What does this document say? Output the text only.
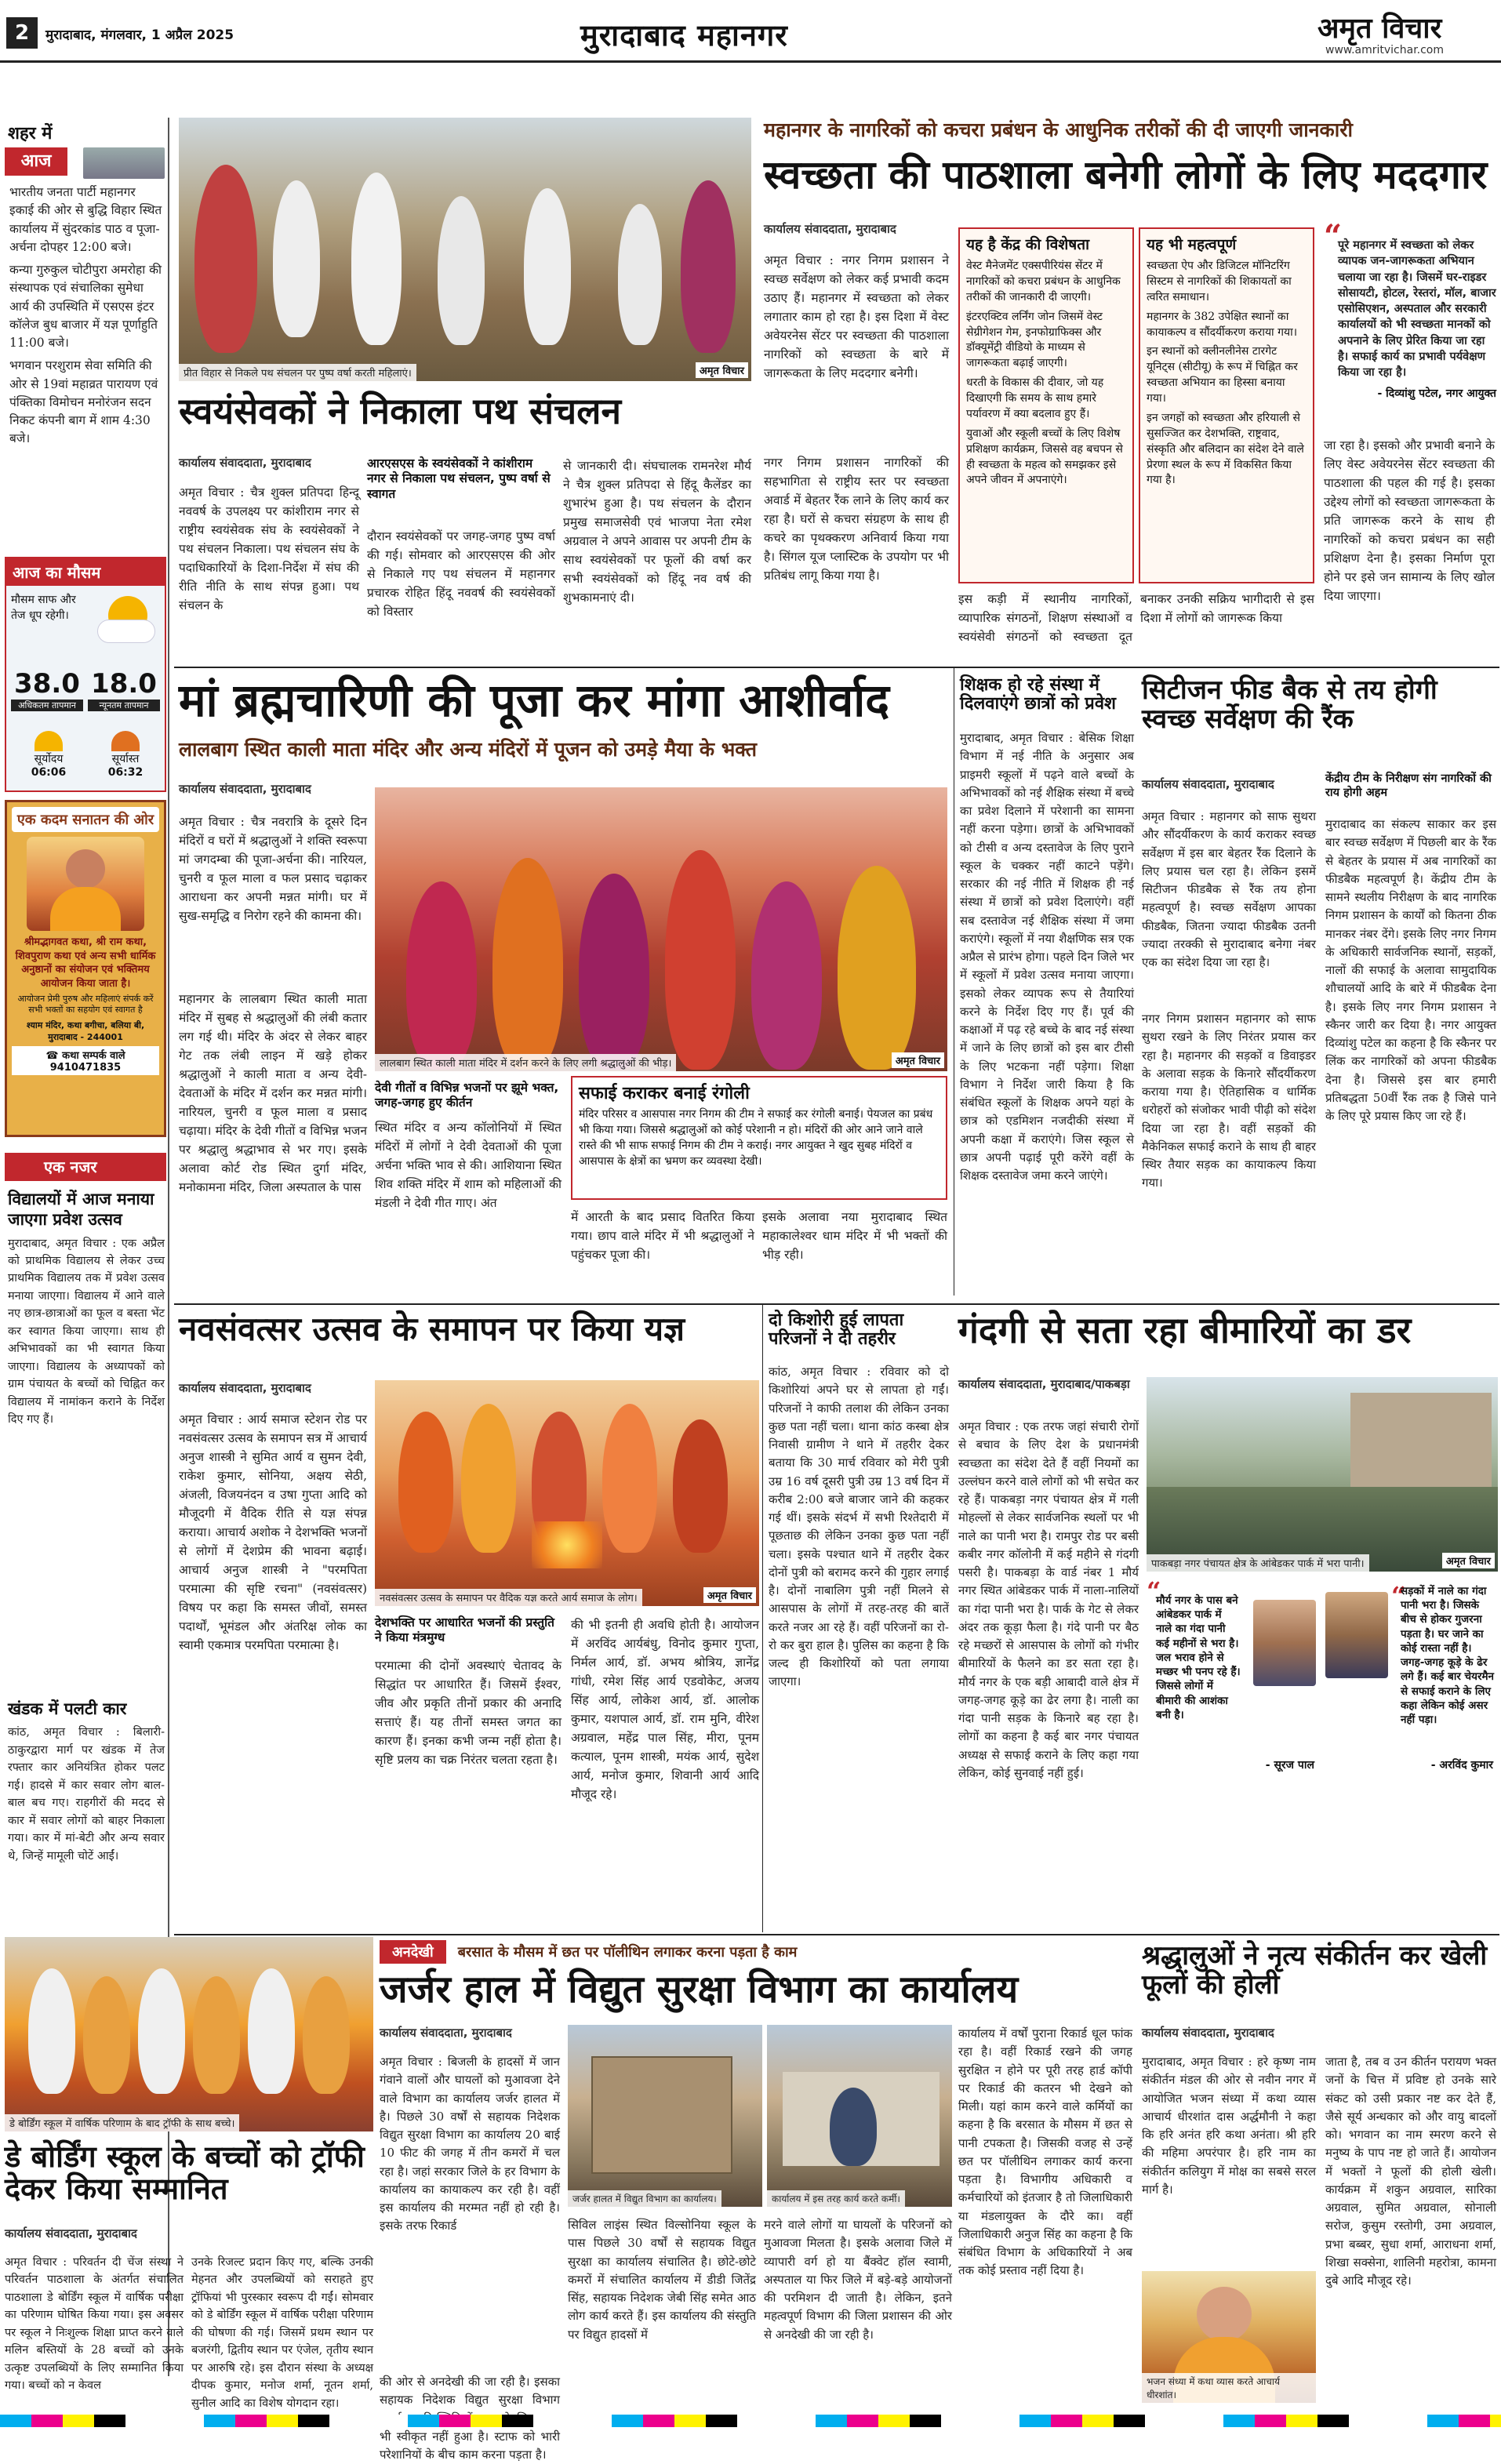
2	मुरादाबाद, मंगलवार, 1 अप्रैल 2025	मुरादाबाद महानगर	अमृत विचार
www.amritvichar.com
शहर में
आज
भारतीय जनता पार्टी महानगर इकाई की ओर से बुद्धि विहार स्थित कार्यालय में सुंदरकांड पाठ व पूजा-अर्चना दोपहर 12:00 बजे।
कन्या गुरुकुल चोटीपुरा अमरोहा की संस्थापक एवं संचालिका सुमेधा आर्य की उपस्थिति में एसएस इंटर कॉलेज बुध बाजार में यज्ञ पूर्णाहुति 11:00 बजे।
भगवान परशुराम सेवा समिति की ओर से 19वां महाव्रत पारायण एवं पंक्तिका विमोचन मनोरंजन सदन निकट कंपनी बाग में शाम 4:30 बजे।
आज का मौसम
मौसम साफ और तेज धूप रहेगी।
38.0
अधिकतम तापमान
18.0
न्यूनतम तापमान
सूर्योदय
06:06
सूर्यास्त
06:32
एक कदम सनातन की ओर
श्रीमद्भागवत कथा, श्री राम कथा, शिवपुराण कथा एवं अन्य सभी धार्मिक अनुष्ठानों का संयोजन एवं भक्तिमय आयोजन किया जाता है।
आयोजन प्रेमी पुरुष और महिलाएं संपर्क करें सभी भक्तों का सहयोग एवं स्वागत है
श्याम मंदिर, कथा बगीचा, बलिया बी, मुरादाबाद - 244001
☎ कथा सम्पर्क वाले 9410471835
एक नजर
विद्यालयों में आज मनाया जाएगा प्रवेश उत्सव
मुरादाबाद, अमृत विचार : एक अप्रैल को प्राथमिक विद्यालय से लेकर उच्च प्राथमिक विद्यालय तक में प्रवेश उत्सव मनाया जाएगा। विद्यालय में आने वाले नए छात्र-छात्राओं का फूल व बस्ता भेंट कर स्वागत किया जाएगा। साथ ही अभिभावकों का भी स्वागत किया जाएगा। विद्यालय के अध्यापकों को ग्राम पंचायत के बच्चों को चिह्नित कर विद्यालय में नामांकन कराने के निर्देश दिए गए हैं।
खंडक में पलटी कार
कांठ, अमृत विचार : बिलारी-ठाकुरद्वारा मार्ग पर खंडक में तेज रफ्तार कार अनियंत्रित होकर पलट गई। हादसे में कार सवार लोग बाल-बाल बच गए। राहगीरों की मदद से कार में सवार लोगों को बाहर निकाला गया। कार में मां-बेटी और अन्य सवार थे, जिन्हें मामूली चोटें आईं।
प्रीत विहार से निकले पथ संचलन पर पुष्प वर्षा करती महिलाएं।	अमृत विचार
महानगर के नागरिकों को कचरा प्रबंधन के आधुनिक तरीकों की दी जाएगी जानकारी
स्वच्छता की पाठशाला बनेगी लोगों के लिए मददगार
कार्यालय संवाददाता, मुरादाबाद
अमृत विचार : नगर निगम प्रशासन ने स्वच्छ सर्वेक्षण को लेकर कई प्रभावी कदम उठाए हैं। महानगर में स्वच्छता को लेकर लगातार काम हो रहा है। इस दिशा में वेस्ट अवेयरनेस सेंटर पर स्वच्छता की पाठशाला नागरिकों को स्वच्छता के बारे में जागरूकता के लिए मददगार बनेगी।
नगर निगम प्रशासन नागरिकों की सहभागिता से राष्ट्रीय स्तर पर स्वच्छता अवार्ड में बेहतर रैंक लाने के लिए कार्य कर रहा है। घरों से कचरा संग्रहण के साथ ही कचरे का पृथक्करण अनिवार्य किया गया है। सिंगल यूज प्लास्टिक के उपयोग पर भी प्रतिबंध लागू किया गया है।
यह है केंद्र की विशेषता
वेस्ट मैनेजमेंट एक्सपीरियंस सेंटर में नागरिकों को कचरा प्रबंधन के आधुनिक तरीकों की जानकारी दी जाएगी।
इंटरएक्टिव लर्निंग जोन जिसमें वेस्ट सेग्रीगेशन गेम, इनफोग्राफिक्स और डॉक्यूमेंट्री वीडियो के माध्यम से जागरूकता बढ़ाई जाएगी।
धरती के विकास की दीवार, जो यह दिखाएगी कि समय के साथ हमारे पर्यावरण में क्या बदलाव हुए हैं।
युवाओं और स्कूली बच्चों के लिए विशेष प्रशिक्षण कार्यक्रम, जिससे वह बचपन से ही स्वच्छता के महत्व को समझकर इसे अपने जीवन में अपनाएंगे।
यह भी महत्वपूर्ण
स्वच्छता ऐप और डिजिटल मॉनिटरिंग सिस्टम से नागरिकों की शिकायतों का त्वरित समाधान।
महानगर के 382 उपेक्षित स्थानों का कायाकल्प व सौंदर्यीकरण कराया गया।
इन स्थानों को क्लीनलीनेस टारगेट यूनिट्स (सीटीयू) के रूप में चिह्नित कर स्वच्छता अभियान का हिस्सा बनाया गया।
इन जगहों को स्वच्छता और हरियाली से सुसज्जित कर देशभक्ति, राष्ट्रवाद, संस्कृति और बलिदान का संदेश देने वाले प्रेरणा स्थल के रूप में विकसित किया गया है।
इस कड़ी में स्थानीय नागरिकों, व्यापारिक संगठनों, शिक्षण संस्थाओं व स्वयंसेवी संगठनों को स्वच्छता दूत बनाकर उनकी सक्रिय भागीदारी से इस दिशा में लोगों को जागरूक किया
“
पूरे महानगर में स्वच्छता को लेकर व्यापक जन-जागरूकता अभियान चलाया जा रहा है। जिसमें घर-राइडर सोसायटी, होटल, रेस्तरां, मॉल, बाजार एसोसिएशन, अस्पताल और सरकारी कार्यालयों को भी स्वच्छता मानकों को अपनाने के लिए प्रेरित किया जा रहा है। सफाई कार्य का प्रभावी पर्यवेक्षण किया जा रहा है।
- दिव्यांशु पटेल, नगर आयुक्त
जा रहा है। इसको और प्रभावी बनाने के लिए वेस्ट अवेयरनेस सेंटर स्वच्छता की पाठशाला की पहल की गई है। इसका उद्देश्य लोगों को स्वच्छता जागरूकता के प्रति जागरूक करने के साथ ही नागरिकों को कचरा प्रबंधन का सही प्रशिक्षण देना है। इसका निर्माण पूरा होने पर इसे जन सामान्य के लिए खोल दिया जाएगा।
स्वयंसेवकों ने निकाला पथ संचलन
कार्यालय संवाददाता, मुरादाबाद
अमृत विचार : चैत्र शुक्ल प्रतिपदा हिन्दू नववर्ष के उपलक्ष्य पर कांशीराम नगर से राष्ट्रीय स्वयंसेवक संघ के स्वयंसेवकों ने पथ संचलन निकाला। पथ संचलन संघ के पदाधिकारियों के दिशा-निर्देश में संघ की रीति नीति के साथ संपन्न हुआ। पथ संचलन के
आरएसएस के स्वयंसेवकों ने कांशीराम नगर से निकाला पथ संचलन, पुष्प वर्षा से स्वागत
दौरान स्वयंसेवकों पर जगह-जगह पुष्प वर्षा की गई। सोमवार को आरएसएस की ओर से निकाले गए पथ संचलन में महानगर प्रचारक रोहित हिंदू नववर्ष की स्वयंसेवकों को विस्तार
से जानकारी दी। संघचालक रामनरेश मौर्य ने चैत्र शुक्ल प्रतिपदा से हिंदू कैलेंडर का शुभारंभ हुआ है। पथ संचलन के दौरान प्रमुख समाजसेवी एवं भाजपा नेता रमेश अग्रवाल ने अपने आवास पर अपनी टीम के साथ स्वयंसेवकों पर फूलों की वर्षा कर सभी स्वयंसेवकों को हिंदू नव वर्ष की शुभकामनाएं दी।
मां ब्रह्मचारिणी की पूजा कर मांगा आशीर्वाद
लालबाग स्थित काली माता मंदिर और अन्य मंदिरों में पूजन को उमड़े मैया के भक्त
कार्यालय संवाददाता, मुरादाबाद
अमृत विचार : चैत्र नवरात्रि के दूसरे दिन मंदिरों व घरों में श्रद्धालुओं ने शक्ति स्वरूपा मां जगदम्बा की पूजा-अर्चना की। नारियल, चुनरी व फूल माला व फल प्रसाद चढ़ाकर आराधना कर अपनी मन्नत मांगी। घर में सुख-समृद्धि व निरोग रहने की कामना की।
महानगर के लालबाग स्थित काली माता मंदिर में सुबह से श्रद्धालुओं की लंबी कतार लग गई थी। मंदिर के अंदर से लेकर बाहर गेट तक लंबी लाइन में खड़े होकर श्रद्धालुओं ने काली माता व अन्य देवी-देवताओं के मंदिर में दर्शन कर मन्नत मांगी। नारियल, चुनरी व फूल माला व प्रसाद चढ़ाया। मंदिर के देवी गीतों व विभिन्न भजन पर श्रद्धालु श्रद्धाभाव से भर गए। इसके अलावा कोर्ट रोड स्थित दुर्गा मंदिर, मनोकामना मंदिर, जिला अस्पताल के पास
लालबाग स्थित काली माता मंदिर में दर्शन करने के लिए लगी श्रद्धालुओं की भीड़।	अमृत विचार
देवी गीतों व विभिन्न भजनों पर झूमे भक्त, जगह-जगह हुए कीर्तन
स्थित मंदिर व अन्य कॉलोनियों में स्थित मंदिरों में लोगों ने देवी देवताओं की पूजा अर्चना भक्ति भाव से की। आशियाना स्थित शिव शक्ति मंदिर में शाम को महिलाओं की मंडली ने देवी गीत गाए। अंत
सफाई कराकर बनाई रंगोली
मंदिर परिसर व आसपास नगर निगम की टीम ने सफाई कर रंगोली बनाई। पेयजल का प्रबंध भी किया गया। जिससे श्रद्धालुओं को कोई परेशानी न हो। मंदिरों की ओर आने जाने वाले रास्ते की भी साफ सफाई निगम की टीम ने कराई। नगर आयुक्त ने खुद सुबह मंदिरों व आसपास के क्षेत्रों का भ्रमण कर व्यवस्था देखी।
में आरती के बाद प्रसाद वितरित किया गया। छाप वाले मंदिर में भी श्रद्धालुओं ने पहुंचकर पूजा की।
इसके अलावा नया मुरादाबाद स्थित महाकालेश्वर धाम मंदिर में भी भक्तों की भीड़ रही।
शिक्षक हो रहे संस्था में दिलवाएंगे छात्रों को प्रवेश
मुरादाबाद, अमृत विचार : बेसिक शिक्षा विभाग में नई नीति के अनुसार अब प्राइमरी स्कूलों में पढ़ने वाले बच्चों के अभिभावकों को नई शैक्षिक संस्था में बच्चे का प्रवेश दिलाने में परेशानी का सामना नहीं करना पड़ेगा। छात्रों के अभिभावकों को टीसी व अन्य दस्तावेज के लिए पुराने स्कूल के चक्कर नहीं काटने पड़ेंगे। सरकार की नई नीति में शिक्षक ही नई संस्था में छात्रों को प्रवेश दिलाएंगे। वहीं सब दस्तावेज नई शैक्षिक संस्था में जमा कराएंगे। स्कूलों में नया शैक्षणिक सत्र एक अप्रैल से प्रारंभ होगा। पहले दिन जिले भर में स्कूलों में प्रवेश उत्सव मनाया जाएगा। इसको लेकर व्यापक रूप से तैयारियां करने के निर्देश दिए गए हैं। पूर्व की कक्षाओं में पढ़ रहे बच्चे के बाद नई संस्था में जाने के लिए छात्रों को इस बार टीसी के लिए भटकना नहीं पड़ेगा। शिक्षा विभाग ने निर्देश जारी किया है कि संबंधित स्कूलों के शिक्षक अपने यहां के छात्र को एडमिशन नजदीकी संस्था में अपनी कक्षा में कराएंगे। जिस स्कूल से छात्र अपनी पढ़ाई पूरी करेंगे वहीं के शिक्षक दस्तावेज जमा करने जाएंगे।
सिटीजन फीड बैक से तय होगी स्वच्छ सर्वेक्षण की रैंक
कार्यालय संवाददाता, मुरादाबाद	केंद्रीय टीम के निरीक्षण संग नागरिकों की राय होगी अहम
अमृत विचार : महानगर को साफ सुथरा और सौंदर्यीकरण के कार्य कराकर स्वच्छ सर्वेक्षण में इस बार बेहतर रैंक दिलाने के लिए प्रयास चल रहा है। लेकिन इसमें सिटीजन फीडबैक से रैंक तय होना महत्वपूर्ण है। स्वच्छ सर्वेक्षण आपका फीडबैक, जितना ज्यादा फीडबैक उतनी ज्यादा तरक्की से मुरादाबाद बनेगा नंबर एक का संदेश दिया जा रहा है।
नगर निगम प्रशासन महानगर को साफ सुथरा रखने के लिए निरंतर प्रयास कर रहा है। महानगर की सड़कों व डिवाइडर के अलावा सड़क के किनारे सौंदर्यीकरण कराया गया है। ऐतिहासिक व धार्मिक धरोहरों को संजोकर भावी पीढ़ी को संदेश दिया जा रहा है। वहीं सड़कों की मैकेनिकल सफाई कराने के साथ ही बाहर स्थिर तैयार सड़क का कायाकल्प किया गया।
मुरादाबाद का संकल्प साकार कर इस बार स्वच्छ सर्वेक्षण में पिछली बार के रैंक से बेहतर के प्रयास में अब नागरिकों का फीडबैक महत्वपूर्ण है। केंद्रीय टीम के सामने स्थलीय निरीक्षण के बाद नागरिक निगम प्रशासन के कार्यों को कितना ठीक मानकर नंबर देंगे। इसके लिए नगर निगम के अधिकारी सार्वजनिक स्थानों, सड़कों, नालों की सफाई के अलावा सामुदायिक शौचालयों आदि के बारे में फीडबैक देना है। इसके लिए नगर निगम प्रशासन ने स्कैनर जारी कर दिया है। नगर आयुक्त दिव्यांशु पटेल का कहना है कि स्कैनर पर लिंक कर नागरिकों को अपना फीडबैक देना है। जिससे इस बार हमारी प्रतिबद्धता 50वीं रैंक तक है जिसे पाने के लिए पूरे प्रयास किए जा रहे हैं।
नवसंवत्सर उत्सव के समापन पर किया यज्ञ
कार्यालय संवाददाता, मुरादाबाद
अमृत विचार : आर्य समाज स्टेशन रोड पर नवसंवत्सर उत्सव के समापन सत्र में आचार्य अनुज शास्त्री ने सुमित आर्य व सुमन देवी, राकेश कुमार, सोनिया, अक्षय सेठी, अंजली, विजयनंदन व उषा गुप्ता आदि को मौजूदगी में वैदिक रीति से यज्ञ संपन्न कराया। आचार्य अशोक ने देशभक्ति भजनों से लोगों में देशप्रेम की भावना बढ़ाई। आचार्य अनुज शास्त्री ने "परमपिता परमात्मा की सृष्टि रचना" (नवसंवत्सर) विषय पर कहा कि समस्त जीवों, समस्त पदार्थों, भूमंडल और अंतरिक्ष लोक का स्वामी एकमात्र परमपिता परमात्मा है।
नवसंवत्सर उत्सव के समापन पर वैदिक यज्ञ करते आर्य समाज के लोग।	अमृत विचार
देशभक्ति पर आधारित भजनों की प्रस्तुति ने किया मंत्रमुग्ध
परमात्मा की दोनों अवस्थाएं चेतावद के सिद्धांत पर आधारित हैं। जिसमें ईश्वर, जीव और प्रकृति तीनों प्रकार की अनादि सत्ताएं हैं। यह तीनों समस्त जगत का कारण हैं। इनका कभी जन्म नहीं होता है। सृष्टि प्रलय का चक्र निरंतर चलता रहता है।
की भी इतनी ही अवधि होती है। आयोजन में अरविंद आर्यबंधु, विनोद कुमार गुप्ता, निर्मल आर्य, डॉ. अभय श्रोत्रिय, ज्ञानेंद्र गांधी, रमेश सिंह आर्य एडवोकेट, अजय सिंह आर्य, लोकेश आर्य, डॉ. आलोक कुमार, यशपाल आर्य, डॉ. राम मुनि, वीरेश अग्रवाल, महेंद्र पाल सिंह, मीरा, पूनम कत्याल, पूनम शास्त्री, मयंक आर्य, सुदेश आर्य, मनोज कुमार, शिवानी आर्य आदि मौजूद रहे।
दो किशोरी हुई लापता परिजनों ने दी तहरीर
कांठ, अमृत विचार : रविवार को दो किशोरियां अपने घर से लापता हो गईं। परिजनों ने काफी तलाश की लेकिन उनका कुछ पता नहीं चला। थाना कांठ कस्बा क्षेत्र निवासी ग्रामीण ने थाने में तहरीर देकर बताया कि 30 मार्च रविवार को मेरी पुत्री उम्र 16 वर्ष दूसरी पुत्री उम्र 13 वर्ष दिन में करीब 2:00 बजे बाजार जाने की कहकर गई थीं। इसके संदर्भ में सभी रिश्तेदारी में पूछताछ की लेकिन उनका कुछ पता नहीं चला। इसके पश्चात थाने में तहरीर देकर दोनों पुत्री को बरामद करने की गुहार लगाई है। दोनों नाबालिग पुत्री नहीं मिलने से आसपास के लोगों में तरह-तरह की बातें करते नजर आ रहे हैं। वहीं परिजनों का रो-रो कर बुरा हाल है। पुलिस का कहना है कि जल्द ही किशोरियों को पता लगाया जाएगा।
गंदगी से सता रहा बीमारियों का डर
कार्यालय संवाददाता, मुरादाबाद/पाकबड़ा
अमृत विचार : एक तरफ जहां संचारी रोगों से बचाव के लिए देश के प्रधानमंत्री स्वच्छता का संदेश देते हैं वहीं नियमों का उल्लंघन करने वाले लोगों को भी सचेत कर रहे हैं। पाकबड़ा नगर पंचायत क्षेत्र में गली मोहल्लों से लेकर सार्वजनिक स्थलों पर भी नाले का पानी भरा है। रामपुर रोड पर बसी कबीर नगर कॉलोनी में कई महीने से गंदगी पसरी है। पाकबड़ा के वार्ड नंबर 1 मौर्य नगर स्थित आंबेडकर पार्क में नाला-नालियों का गंदा पानी भरा है। पार्क के गेट से लेकर अंदर तक कूड़ा फैला है। गंदे पानी पर बैठ रहे मच्छरों से आसपास के लोगों को गंभीर बीमारियों के फैलने का डर सता रहा है। मौर्य नगर के एक बड़ी आबादी वाले क्षेत्र में जगह-जगह कूड़े का ढेर लगा है। नाली का गंदा पानी सड़क के किनारे बह रहा है। लोगों का कहना है कई बार नगर पंचायत अध्यक्ष से सफाई कराने के लिए कहा गया लेकिन, कोई सुनवाई नहीं हुई।
पाकबड़ा नगर पंचायत क्षेत्र के आंबेडकर पार्क में भरा पानी।	अमृत विचार
“
मौर्य नगर के पास बने आंबेडकर पार्क में नाले का गंदा पानी कई महीनों से भरा है। जल भराव होने से मच्छर भी पनप रहे हैं। जिससे लोगों में बीमारी की आशंका बनी है।
- सूरज पाल
“
सड़कों में नाले का गंदा पानी भरा है। जिसके बीच से होकर गुजरना पड़ता है। घर जाने का कोई रास्ता नहीं है। जगह-जगह कूड़े के ढेर लगे हैं। कई बार चेयरमैन से सफाई कराने के लिए कहा लेकिन कोई असर नहीं पड़ा।
- अरविंद कुमार
डे बोर्डिंग स्कूल में वार्षिक परिणाम के बाद ट्रॉफी के साथ बच्चे।
डे बोर्डिंग स्कूल के बच्चों को ट्रॉफी देकर किया सम्मानित
कार्यालय संवाददाता, मुरादाबाद
अमृत विचार : परिवर्तन दी चेंज संस्था ने परिवर्तन पाठशाला के अंतर्गत संचालित पाठशाला डे बोर्डिंग स्कूल में वार्षिक परीक्षा का परिणाम घोषित किया गया। इस अवसर पर स्कूल ने निःशुल्क शिक्षा प्राप्त करने वाले मलिन बस्तियों के 28 बच्चों को उनके उत्कृष्ट उपलब्धियों के लिए सम्मानित किया गया। बच्चों को न केवल
उनके रिजल्ट प्रदान किए गए, बल्कि उनकी मेहनत और उपलब्धियों को सराहते हुए ट्रॉफियां भी पुरस्कार स्वरूप दी गईं। सोमवार को डे बोर्डिंग स्कूल में वार्षिक परीक्षा परिणाम की घोषणा की गई। जिसमें प्रथम स्थान पर बजरंगी, द्वितीय स्थान पर एंजेल, तृतीय स्थान पर आरुषि रहे। इस दौरान संस्था के अध्यक्ष दीपक कुमार, मनोज शर्मा, नूतन शर्मा, सुनील आदि का विशेष योगदान रहा।
अनदेखी बरसात के मौसम में छत पर पॉलीथिन लगाकर करना पड़ता है काम
जर्जर हाल में विद्युत सुरक्षा विभाग का कार्यालय
कार्यालय संवाददाता, मुरादाबाद
अमृत विचार : बिजली के हादसों में जान गंवाने वालों और घायलों को मुआवजा देने वाले विभाग का कार्यालय जर्जर हालत में है। पिछले 30 वर्षों से सहायक निदेशक विद्युत सुरक्षा विभाग का कार्यालय 20 बाई 10 फीट की जगह में तीन कमरों में चल रहा है। जहां सरकार जिले के हर विभाग के कार्यालय का कायाकल्प कर रही है। वहीं इस कार्यालय की मरम्मत नहीं हो रही है। इसके तरफ रिकार्ड
जर्जर हालत में विद्युत विभाग का कार्यालय।	कार्यालय में इस तरह कार्य करते कर्मी।
सिविल लाइंस स्थित विल्सोनिया स्कूल के पास पिछले 30 वर्षों से सहायक विद्युत सुरक्षा का कार्यालय संचालित है। छोटे-छोटे कमरों में संचालित कार्यालय में डीडी जितेंद्र सिंह, सहायक निदेशक जेबी सिंह समेत आठ लोग कार्य करते हैं। इस कार्यालय की संस्तुति पर विद्युत हादसों में
मरने वाले लोगों या घायलों के परिजनों को मुआवजा मिलता है। इसके अलावा जिले में व्यापारी वर्ग हो या बैंक्वेट हॉल स्वामी, अस्पताल या फिर जिले में बड़े-बड़े आयोजनों की परमिशन दी जाती है। लेकिन, इतने महत्वपूर्ण विभाग की जिला प्रशासन की ओर से अनदेखी की जा रही है।
कार्यालय में वर्षों पुराना रिकार्ड धूल फांक रहा है। वहीं रिकार्ड रखने की जगह सुरक्षित न होने पर पूरी तरह हार्ड कॉपी पर रिकार्ड की कतरन भी देखने को मिली। यहां काम करने वाले कर्मियों का कहना है कि बरसात के मौसम में छत से पानी टपकता है। जिसकी वजह से उन्हें छत पर पॉलीथिन लगाकर कार्य करना पड़ता है। विभागीय अधिकारी व कर्मचारियों को इंतजार है तो जिलाधिकारी या मंडलायुक्त के दौरे का। वहीं जिलाधिकारी अनुज सिंह का कहना है कि संबंधित विभाग के अधिकारियों ने अब तक कोई प्रस्ताव नहीं दिया है।
की ओर से अनदेखी की जा रही है। इसका सहायक निदेशक विद्युत सुरक्षा विभाग भी स्वीकृत नहीं हुआ है। स्टाफ को भारी परेशानियों के बीच काम करना पड़ता है।
श्रद्धालुओं ने नृत्य संकीर्तन कर खेली फूलों की होली
कार्यालय संवाददाता, मुरादाबाद
मुरादाबाद, अमृत विचार : हरे कृष्ण नाम संकीर्तन मंडल की ओर से नवीन नगर में आयोजित भजन संध्या में कथा व्यास आचार्य धीरशांत दास अर्द्धमौनी ने कहा कि हरि अनंत हरि कथा अनंता। श्री हरि की महिमा अपरंपार है। हरि नाम का संकीर्तन कलियुग में मोक्ष का सबसे सरल मार्ग है।
भजन संध्या में कथा व्यास करते आचार्य धीरशांत।
जाता है, तब व उन कीर्तन परायण भक्त जनों के चित्त में प्रविष्ट हो उनके सारे संकट को उसी प्रकार नष्ट कर देते हैं, जैसे सूर्य अन्धकार को और वायु बादलों को। भगवान का नाम स्मरण करने से मनुष्य के पाप नष्ट हो जाते हैं। आयोजन में भक्तों ने फूलों की होली खेली। कार्यक्रम में शकुन अग्रवाल, सारिका अग्रवाल, सुमित अग्रवाल, सोनाली सरोज, कुसुम रस्तोगी, उमा अग्रवाल, प्रभा बब्बर, सुधा शर्मा, आराधना शर्मा, शिखा सक्सेना, शालिनी महरोत्रा, कामना दुबे आदि मौजूद रहे।
